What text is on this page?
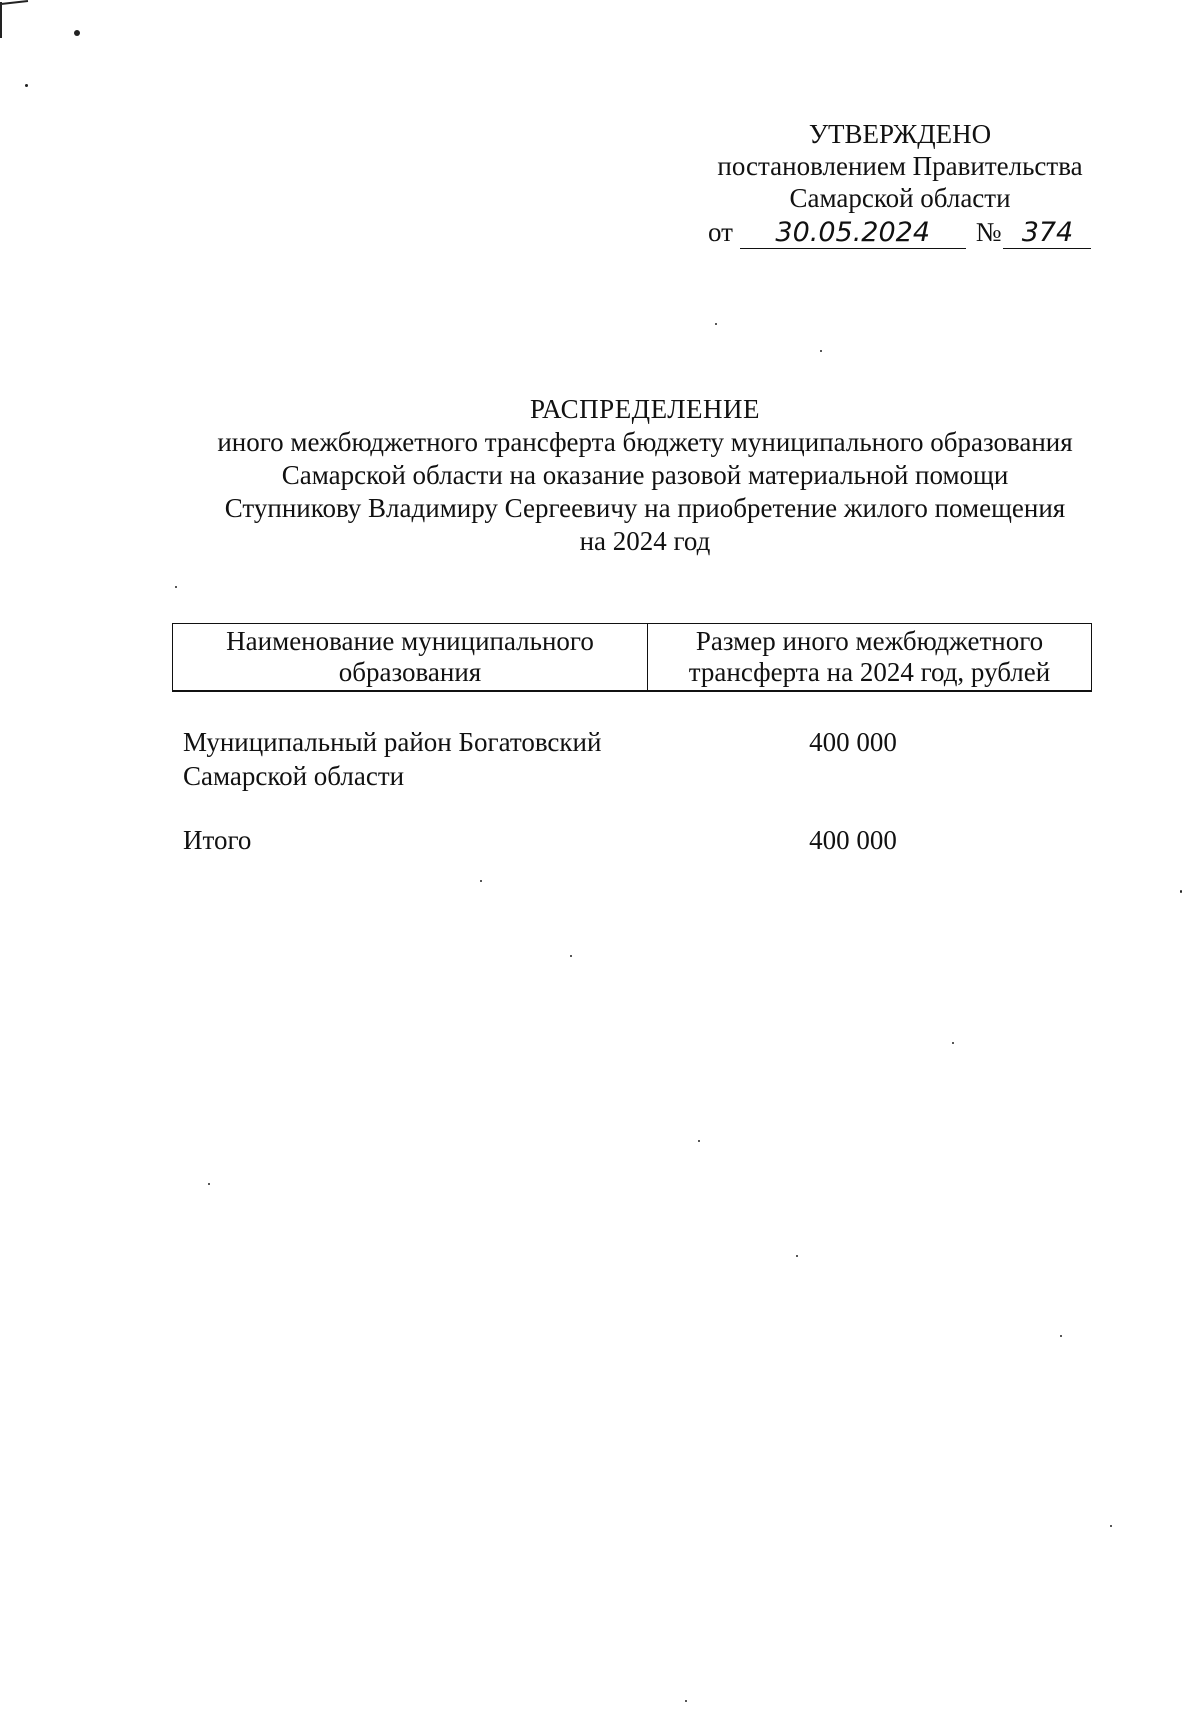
УТВЕРЖДЕНО
постановлением Правительства
Самарской области
от 30.05.2024 № 374
РАСПРЕДЕЛЕНИЕ
иного межбюджетного трансферта бюджету муниципального образования
Самарской области на оказание разовой материальной помощи
Ступникову Владимиру Сергеевичу на приобретение жилого помещения
на 2024 год
Наименование муниципального образования
Размер иного межбюджетного трансферта на 2024 год, рублей
Муниципальный район Богатовский
Самарской области
400 000
Итого	400 000
